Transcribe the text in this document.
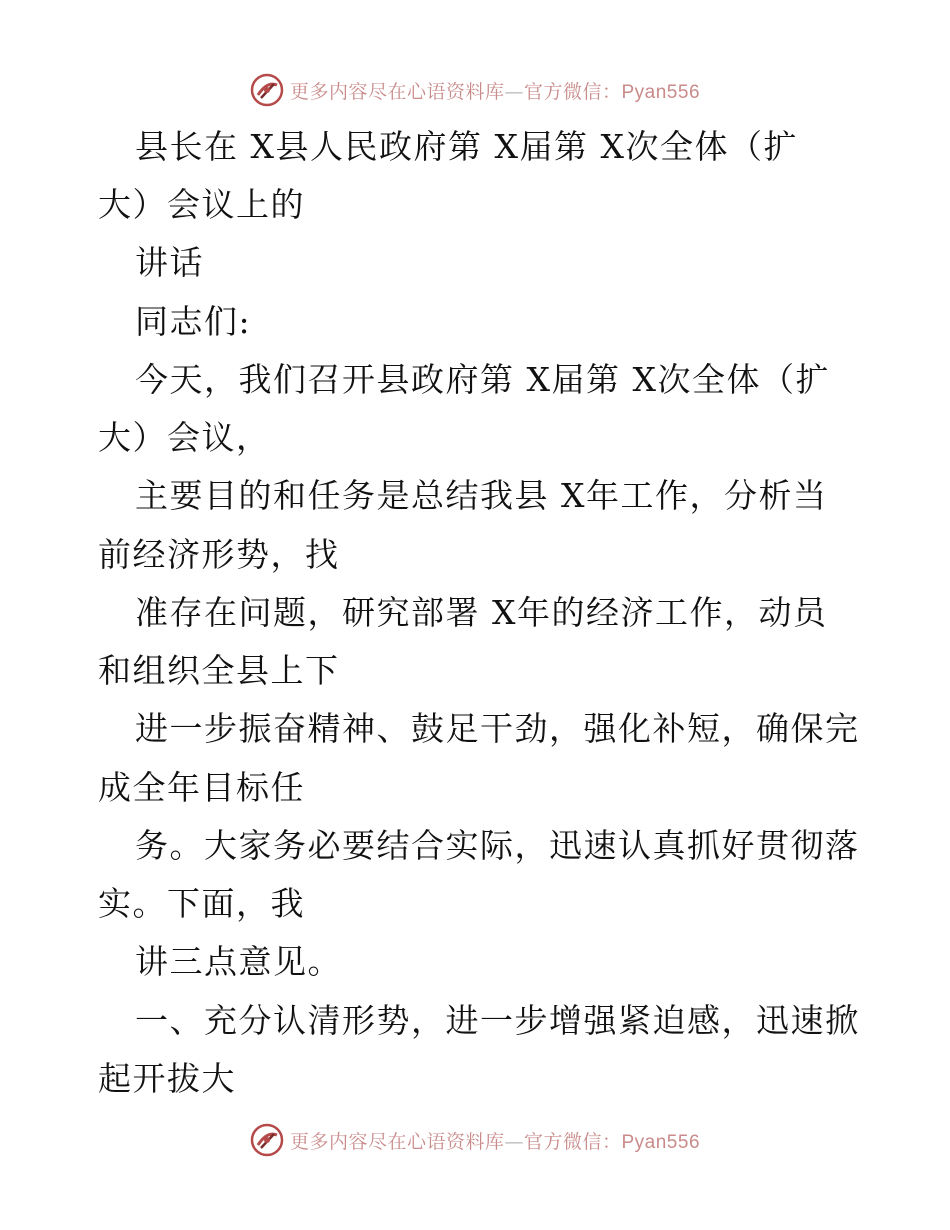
更多内容尽在心语资料库—官方微信：Pyan556
县长在 X县人民政府第 X届第 X次全体（扩
大）会议上的
讲话
同志们:
今天，我们召开县政府第 X届第 X次全体（扩
大）会议，
主要目的和任务是总结我县 X年工作，分析当
前经济形势，找
准存在问题，研究部署 X年的经济工作，动员
和组织全县上下
进一步振奋精神、鼓足干劲，强化补短，确保完
成全年目标任
务。大家务必要结合实际，迅速认真抓好贯彻落
实。下面，我
讲三点意见。
一、充分认清形势，进一步增强紧迫感，迅速掀
起开拔大
更多内容尽在心语资料库—官方微信：Pyan556
